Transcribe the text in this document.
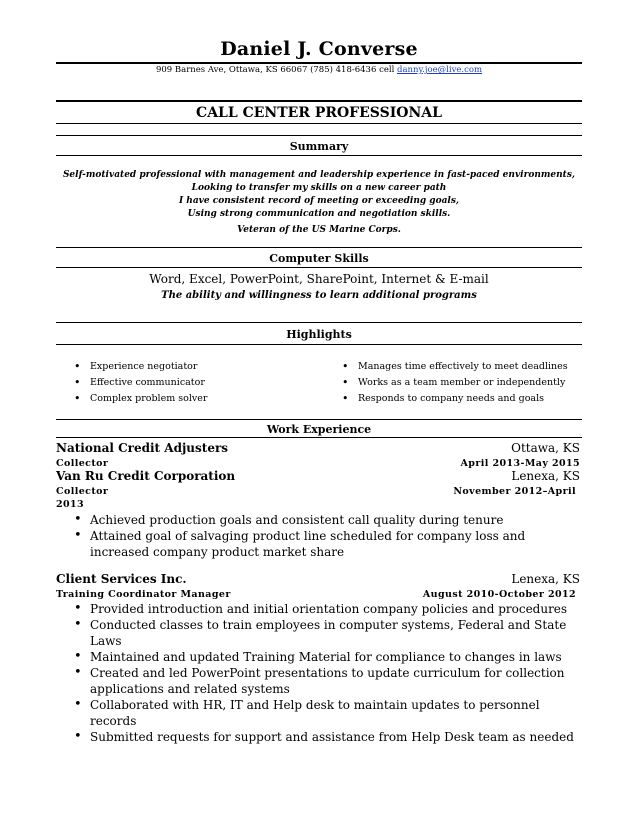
Daniel J. Converse
909 Barnes Ave, Ottawa, KS 66067 (785) 418-6436 cell danny.joe@live.com
CALL CENTER PROFESSIONAL
Summary
Self-motivated professional with management and leadership experience in fast-paced environments,
Looking to transfer my skills on a new career path
I have consistent record of meeting or exceeding goals,
Using strong communication and negotiation skills.
Veteran of the US Marine Corps.
Computer Skills
Word, Excel, PowerPoint, SharePoint, Internet & E-mail
The ability and willingness to learn additional programs
Highlights
• Experience negotiator
• Effective communicator
• Complex problem solver
• Manages time effectively to meet deadlines
• Works as a team member or independently
• Responds to company needs and goals
Work Experience
National Credit Adjusters	Ottawa, KS
Collector	April 2013-May 2015
Van Ru Credit Corporation	Lenexa, KS
Collector	November 2012–April
2013
• Achieved production goals and consistent call quality during tenure
• Attained goal of salvaging product line scheduled for company loss and increased company product market share
Client Services Inc.	Lenexa, KS
Training Coordinator Manager	August 2010-October 2012
• Provided introduction and initial orientation company policies and procedures
• Conducted classes to train employees in computer systems, Federal and State Laws
• Maintained and updated Training Material for compliance to changes in laws
• Created and led PowerPoint presentations to update curriculum for collection applications and related systems
• Collaborated with HR, IT and Help desk to maintain updates to personnel records
• Submitted requests for support and assistance from Help Desk team as needed
